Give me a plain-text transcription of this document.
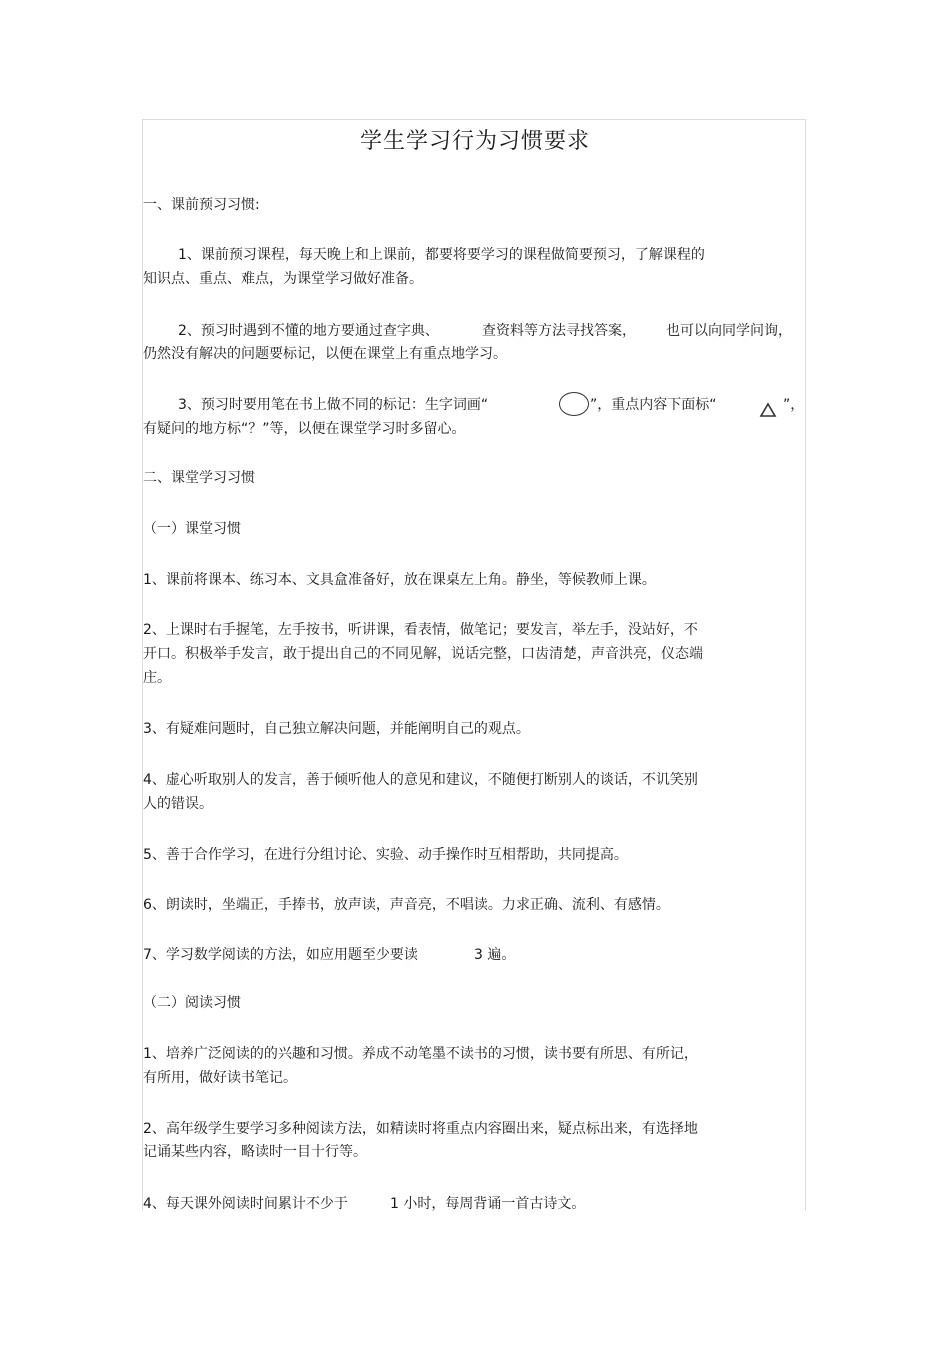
学生学习行为习惯要求
一、课前预习习惯:
1、课前预习课程，每天晚上和上课前，都要将要学习的课程做简要预习，了解课程的
知识点、重点、难点，为课堂学习做好准备。
2、预习时遇到不懂的地方要通过查字典、	查资料等方法寻找答案， 也可以向同学问询，
仍然没有解决的问题要标记，以便在课堂上有重点地学习。
3、预习时要用笔在书上做不同的标记：生字词画“	”，重点内容下面标“	”，
有疑问的地方标“？”等，以便在课堂学习时多留心。
二、课堂学习习惯
（一）课堂习惯
1、课前将课本、练习本、文具盒准备好，放在课桌左上角。静坐，等候教师上课。
2、上课时右手握笔，左手按书，听讲课，看表情，做笔记；要发言，举左手，没站好，不
开口。积极举手发言，敢于提出自己的不同见解，说话完整，口齿清楚，声音洪亮，仪态端
庄。
3、有疑难问题时，自己独立解决问题，并能阐明自己的观点。
4、虚心听取别人的发言，善于倾听他人的意见和建议，不随便打断别人的谈话，不讥笑别
人的错误。
5、善于合作学习，在进行分组讨论、实验、动手操作时互相帮助，共同提高。
6、朗读时，坐端正，手捧书，放声读，声音亮，不唱读。力求正确、流利、有感情。
7、学习数学阅读的方法，如应用题至少要读	3 遍。
（二）阅读习惯
1、培养广泛阅读的的兴趣和习惯。养成不动笔墨不读书的习惯，读书要有所思、有所记，
有所用，做好读书笔记。
2、高年级学生要学习多种阅读方法，如精读时将重点内容圈出来，疑点标出来，有选择地
记诵某些内容，略读时一目十行等。
4、每天课外阅读时间累计不少于	1 小时，每周背诵一首古诗文。
